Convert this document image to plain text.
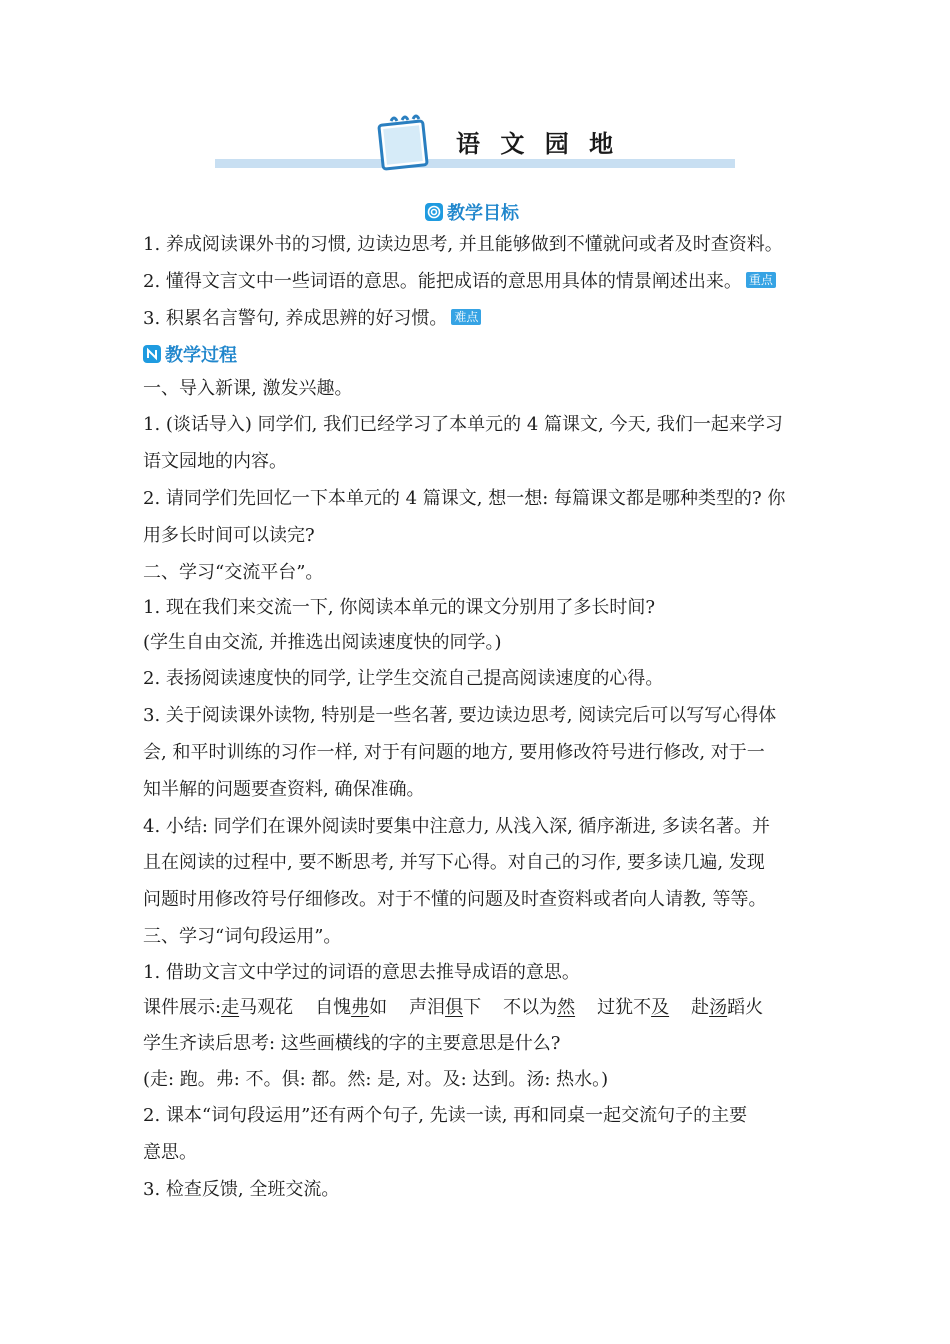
语 文 园 地
教学目标
1. 养成阅读课外书的习惯, 边读边思考, 并且能够做到不懂就问或者及时查资料。
2. 懂得文言文中一些词语的意思。能把成语的意思用具体的情景阐述出来。 重点
3. 积累名言警句, 养成思辨的好习惯。 难点
教学过程
一、导入新课, 激发兴趣。
1. (谈话导入) 同学们, 我们已经学习了本单元的 4 篇课文, 今天, 我们一起来学习
语文园地的内容。
2. 请同学们先回忆一下本单元的 4 篇课文, 想一想: 每篇课文都是哪种类型的? 你
用多长时间可以读完?
二、学习“交流平台”。
1. 现在我们来交流一下, 你阅读本单元的课文分别用了多长时间?
(学生自由交流, 并推选出阅读速度快的同学。)
2. 表扬阅读速度快的同学, 让学生交流自己提高阅读速度的心得。
3. 关于阅读课外读物, 特别是一些名著, 要边读边思考, 阅读完后可以写写心得体
会, 和平时训练的习作一样, 对于有问题的地方, 要用修改符号进行修改, 对于一
知半解的问题要查资料, 确保准确。
4. 小结: 同学们在课外阅读时要集中注意力, 从浅入深, 循序渐进, 多读名著。并
且在阅读的过程中, 要不断思考, 并写下心得。对自己的习作, 要多读几遍, 发现
问题时用修改符号仔细修改。对于不懂的问题及时查资料或者向人请教, 等等。
三、学习“词句段运用”。
1. 借助文言文中学过的词语的意思去推导成语的意思。
课件展示:走马观花 自愧弗如 声泪俱下 不以为然 过犹不及 赴汤蹈火
学生齐读后思考: 这些画横线的字的主要意思是什么?
(走: 跑。弗: 不。俱: 都。然: 是, 对。及: 达到。汤: 热水。)
2. 课本“词句段运用”还有两个句子, 先读一读, 再和同桌一起交流句子的主要
意思。
3. 检查反馈, 全班交流。
